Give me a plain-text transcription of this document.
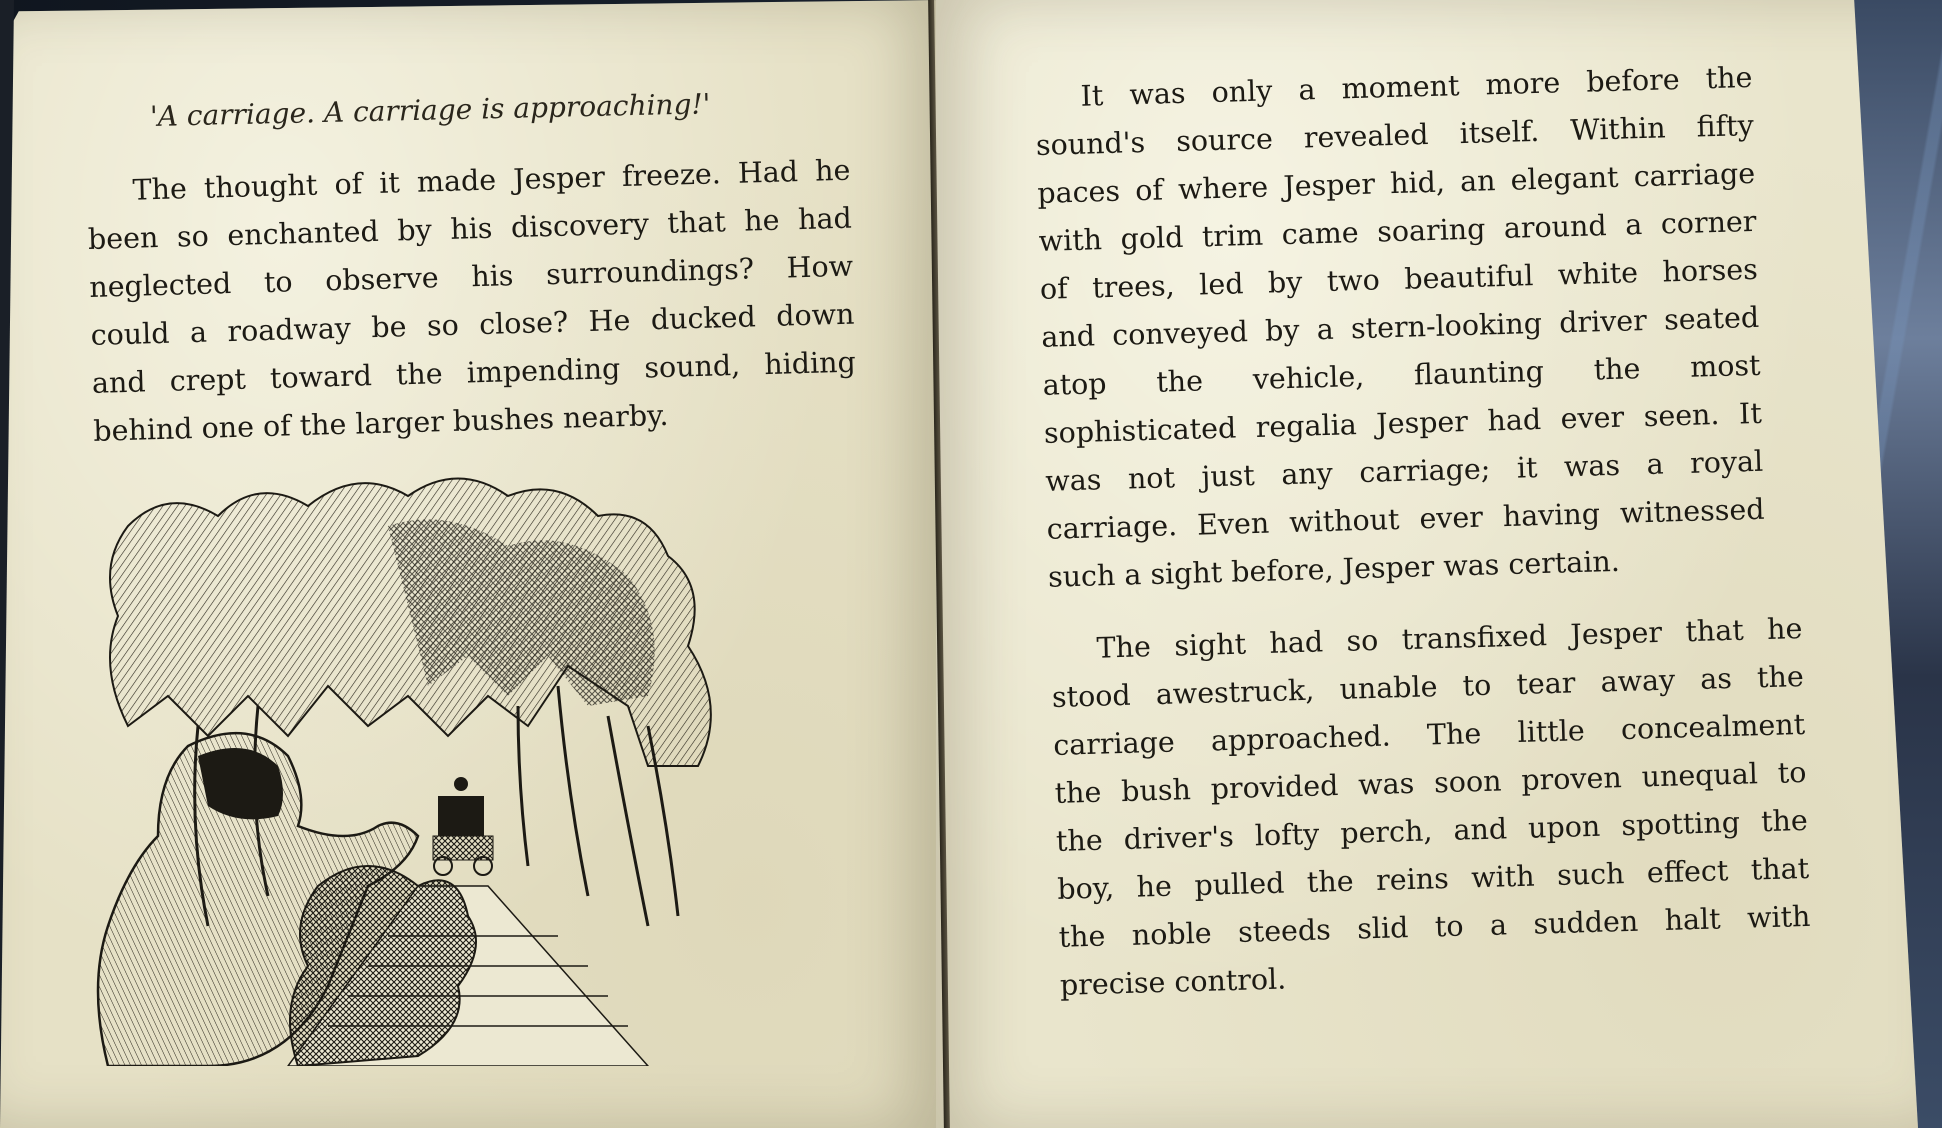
'A carriage. A carriage is approaching!'
The thought of it made Jesper freeze. Had he
been so enchanted by his discovery that he had
neglected to observe his surroundings? How
could a roadway be so close? He ducked down
and crept toward the impending sound, hiding
behind one of the larger bushes nearby.
It was only a moment more before the
sound's source revealed itself. Within fifty
paces of where Jesper hid, an elegant carriage
with gold trim came soaring around a corner
of trees, led by two beautiful white horses
and conveyed by a stern-looking driver seated
atop the vehicle, flaunting the most
sophisticated regalia Jesper had ever seen. It
was not just any carriage; it was a royal
carriage. Even without ever having witnessed
such a sight before, Jesper was certain.
The sight had so transfixed Jesper that he
stood awestruck, unable to tear away as the
carriage approached. The little concealment
the bush provided was soon proven unequal to
the driver's lofty perch, and upon spotting the
boy, he pulled the reins with such effect that
the noble steeds slid to a sudden halt with
precise control.
